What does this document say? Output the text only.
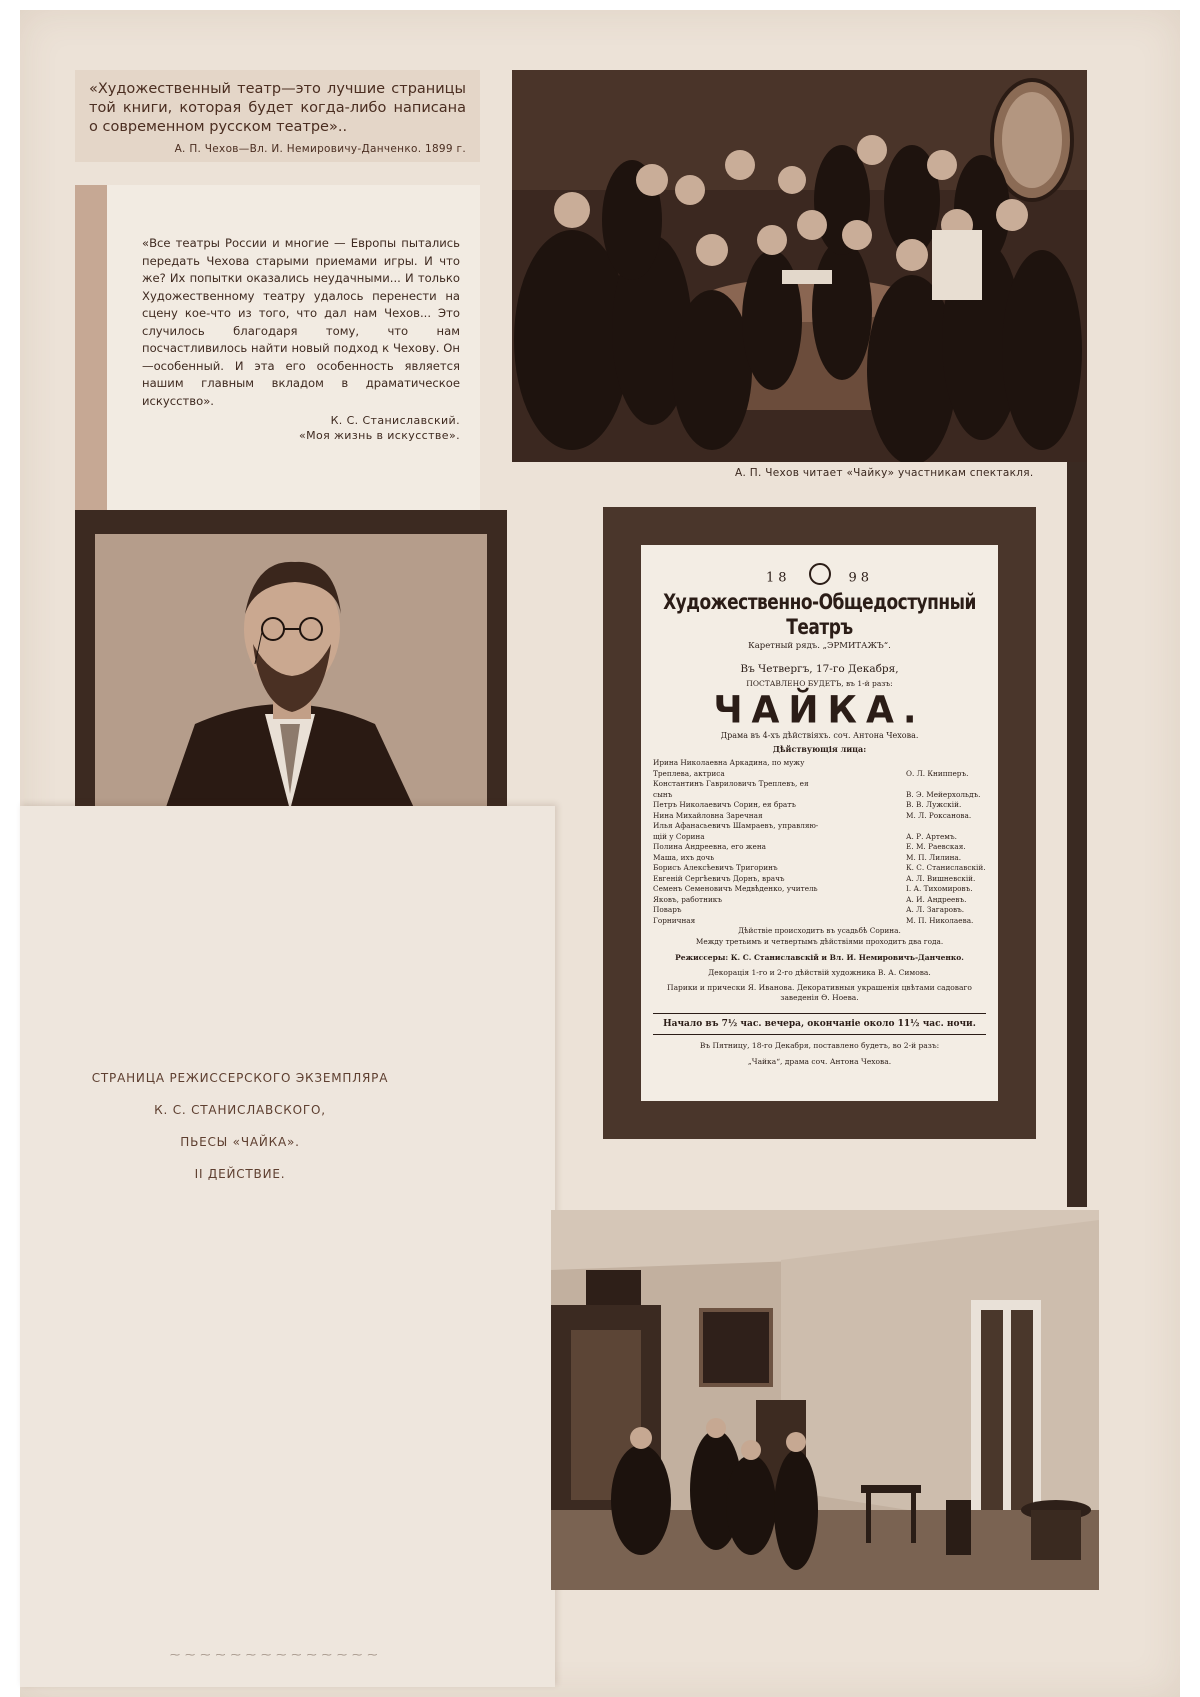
«Художественный театр—это лучшие страницы той книги, которая будет когда-либо написана о современном русском театре»..

А. П. Чехов—Вл. И. Немировичу-Данченко. 1899 г.

«Все театры России и многие — Европы пытались передать Чехова старыми приемами игры. И что же? Их попытки оказались неудачными... И только Художественному театру удалось перенести на сцену кое-что из того, что дал нам Чехов... Это случилось благодаря тому, что нам посчастливилось найти новый подход к Чехову. Он—особенный. И эта его особенность является нашим главным вкладом в драматическое искусство».

К. С. Станиславский.

«Моя жизнь в искусстве».

А. П. Чехов читает «Чайку» участникам спектакля.
СТРАНИЦА РЕЖИССЕРСКОГО ЭКЗЕМПЛЯРА
К. С. СТАНИСЛАВСКОГО,
ПЬЕСЫ «ЧАЙКА».
II ДЕЙСТВИЕ.
18	98
Художественно-Общедоступный Театръ
Каретный рядъ. „ЭРМИТАЖЪ“.
Въ Четвергъ, 17-го Декабря,
ПОСТАВЛЕНО БУДЕТЪ, въ 1-й разъ:
ЧАЙКА.
Драма въ 4-хъ дѣйствіяхъ. соч. Антона Чехова.
Дѣйствующія лица:
Ирина Николаевна Аркадина, по мужу
Треплева, актриса	О. Л. Книпперъ.
Константинъ Гавриловичъ Треплевъ, ея
сынъ	В. Э. Мейерхольдъ.
Петръ Николаевичъ Сорин, ея братъ	В. В. Лужскій.
Нина Михайловна Заречная	М. Л. Роксанова.
Илья Афанасьевичъ Шамраевъ, управляю-
щій у Сорина	А. Р. Артемъ.
Полина Андреевна, его жена	Е. М. Раевская.
Маша, ихъ дочь	М. П. Лилина.
Борисъ Алексѣевичъ Тригоринъ	К. С. Станиславскій.
Евгеній Сергѣевичъ Дорнъ, врачъ	А. Л. Вишневскій.
Семенъ Семеновичъ Медвѣденко, учитель	І. А. Тихомировъ.
Яковъ, работникъ	А. И. Андреевъ.
Поваръ	А. Л. Загаровъ.
Горничная	М. П. Николаева.
Дѣйствіе происходитъ въ усадьбѣ Сорина.
Между третьимъ и четвертымъ дѣйствіями проходитъ два года.
Режиссеры: К. С. Станиславскій и Вл. И. Немировичъ-Данченко.
Декорація 1-го и 2-го дѣйствій художника В. А. Симова.
Парики и прически Я. Иванова. Декоративныя украшенія цвѣтами садоваго заведенія Ѳ. Ноева.
Начало въ 7½ час. вечера, окончаніе около 11½ час. ночи.
Въ Пятницу, 18-го Декабря, поставлено будетъ, во 2-й разъ:
„Чайка“, драма соч. Антона Чехова.
⁓ ⁓ ⁓ ⁓ ⁓ ⁓ ⁓ ⁓ ⁓ ⁓ ⁓ ⁓ ⁓ ⁓
